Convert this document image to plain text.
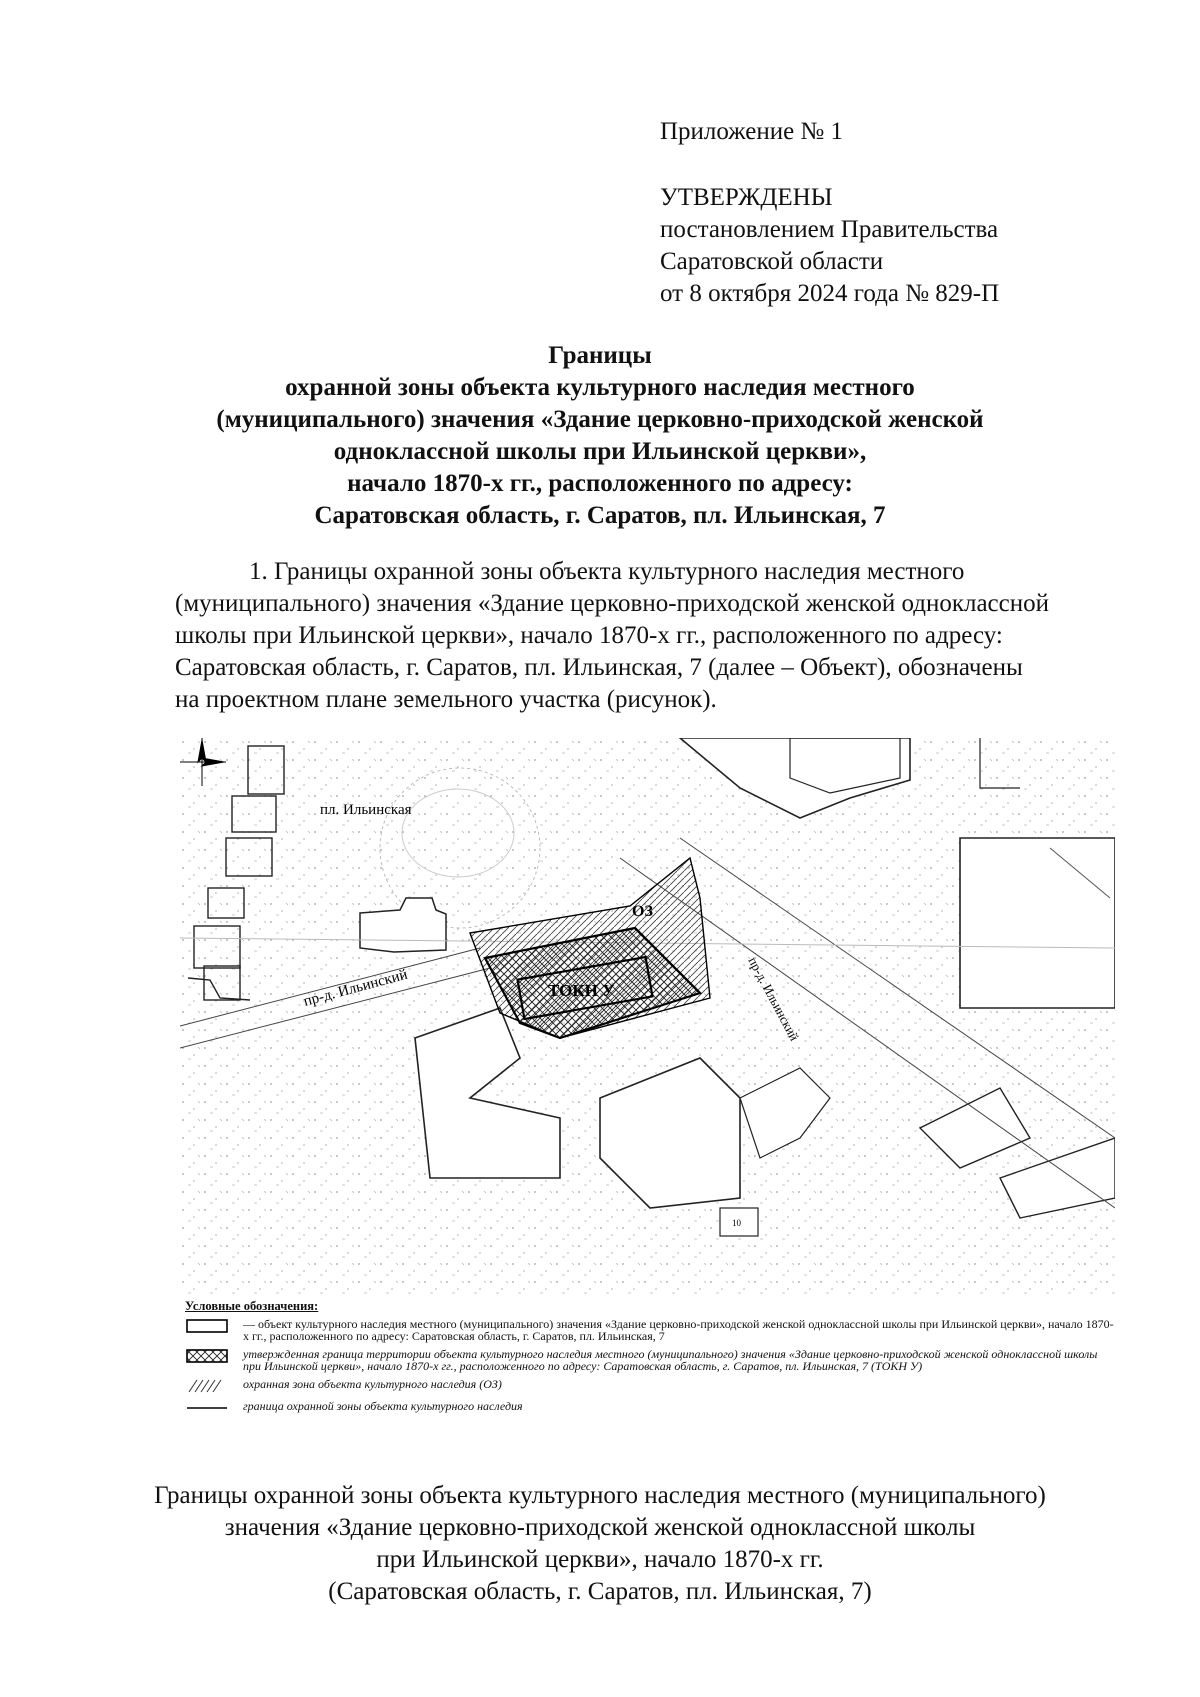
Приложение № 1
УТВЕРЖДЕНЫ
постановлением Правительства
Саратовской области
от 8 октября 2024 года № 829-П
Границы
охранной зоны объекта культурного наследия местного
(муниципального) значения «Здание церковно-приходской женской
одноклассной школы при Ильинской церкви»,
начало 1870-х гг., расположенного по адресу:
Саратовская область, г. Саратов, пл. Ильинская, 7
1. Границы охранной зоны объекта культурного наследия местного
(муниципального) значения «Здание церковно-приходской женской одноклассной
школы при Ильинской церкви», начало 1870-х гг., расположенного по адресу:
Саратовская область, г. Саратов, пл. Ильинская, 7 (далее – Объект), обозначены
на проектном плане земельного участка (рисунок).
пл. Ильинская
10
пр-д. Ильинский	пр-д. Ильинский
ОЗ
ТОКН У
Условные обозначения:
— объект культурного наследия местного (муниципального) значения «Здание церковно-приходской женской одноклассной школы при Ильинской церкви», начало 1870-х гг., расположенного по адресу: Саратовская область, г. Саратов, пл. Ильинская, 7
утвержденная граница территории объекта культурного наследия местного (муниципального) значения «Здание церковно-приходской женской одноклассной школы при Ильинской церкви», начало 1870-х гг., расположенного по адресу: Саратовская область, г. Саратов, пл. Ильинская, 7 (ТОКН У)
охранная зона объекта культурного наследия (ОЗ)
граница охранной зоны объекта культурного наследия
Границы охранной зоны объекта культурного наследия местного (муниципального)
значения «Здание церковно-приходской женской одноклассной школы
при Ильинской церкви», начало 1870-х гг.
(Саратовская область, г. Саратов, пл. Ильинская, 7)
